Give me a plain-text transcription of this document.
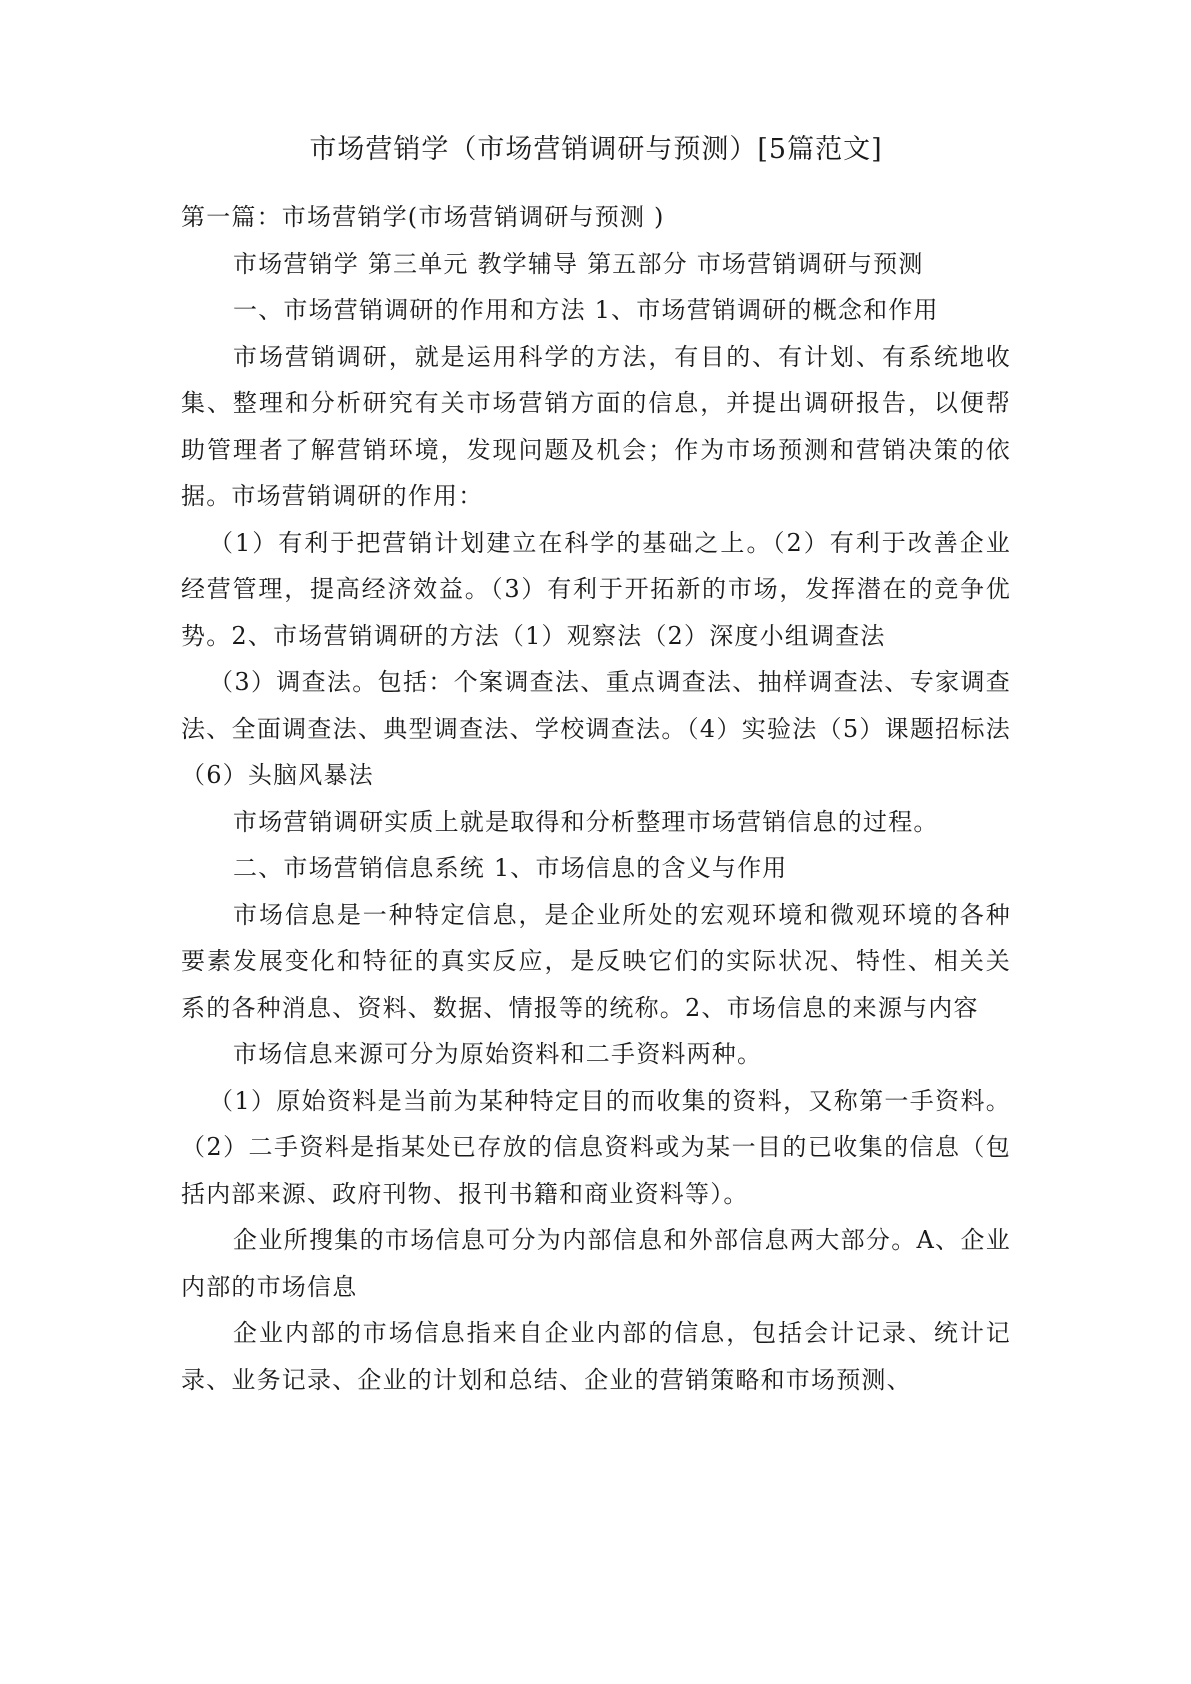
市场营销学（市场营销调研与预测）[5篇范文]

第一篇：市场营销学(市场营销调研与预测 )

市场营销学 第三单元 教学辅导 第五部分 市场营销调研与预测

一、市场营销调研的作用和方法 1、市场营销调研的概念和作用

市场营销调研，就是运用科学的方法，有目的、有计划、有系统地收集、整理和分析研究有关市场营销方面的信息，并提出调研报告，以便帮助管理者了解营销环境，发现问题及机会；作为市场预测和营销决策的依据。市场营销调研的作用：

（1）有利于把营销计划建立在科学的基础之上。（2）有利于改善企业经营管理，提高经济效益。（3）有利于开拓新的市场，发挥潜在的竞争优势。2、市场营销调研的方法（1）观察法（2）深度小组调查法

（3）调查法。包括：个案调查法、重点调查法、抽样调查法、专家调查法、全面调查法、典型调查法、学校调查法。（4）实验法（5）课题招标法（6）头脑风暴法

市场营销调研实质上就是取得和分析整理市场营销信息的过程。

二、市场营销信息系统 1、市场信息的含义与作用

市场信息是一种特定信息，是企业所处的宏观环境和微观环境的各种要素发展变化和特征的真实反应，是反映它们的实际状况、特性、相关关系的各种消息、资料、数据、情报等的统称。2、市场信息的来源与内容

市场信息来源可分为原始资料和二手资料两种。

（1）原始资料是当前为某种特定目的而收集的资料，又称第一手资料。（2）二手资料是指某处已存放的信息资料或为某一目的已收集的信息（包括内部来源、政府刊物、报刊书籍和商业资料等）。

企业所搜集的市场信息可分为内部信息和外部信息两大部分。A、企业内部的市场信息

企业内部的市场信息指来自企业内部的信息，包括会计记录、统计记录、业务记录、企业的计划和总结、企业的营销策略和市场预测、
